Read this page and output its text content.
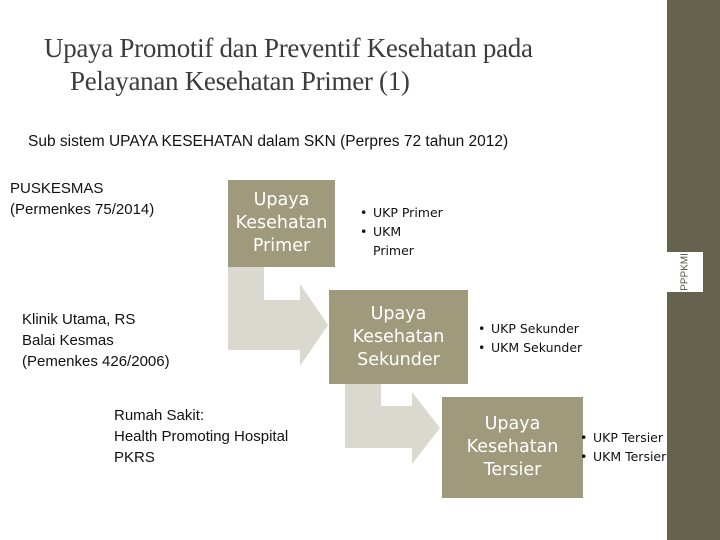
Upaya Promotif dan Preventif Kesehatan pada
Pelayanan Kesehatan Primer (1)
PPPKMI
Sub sistem UPAYA KESEHATAN dalam SKN (Perpres 72 tahun 2012)
PUSKESMAS
(Permenkes 75/2014)
Klinik Utama, RS
Balai Kesmas
(Pemenkes 426/2006)
Rumah Sakit:
Health Promoting Hospital
PKRS
Upaya
Kesehatan
Primer
• UKP Primer
• UKM
Primer
Upaya
Kesehatan
Sekunder
• UKP Sekunder
• UKM Sekunder
Upaya
Kesehatan
Tersier
• UKP Tersier
• UKM Tersier
